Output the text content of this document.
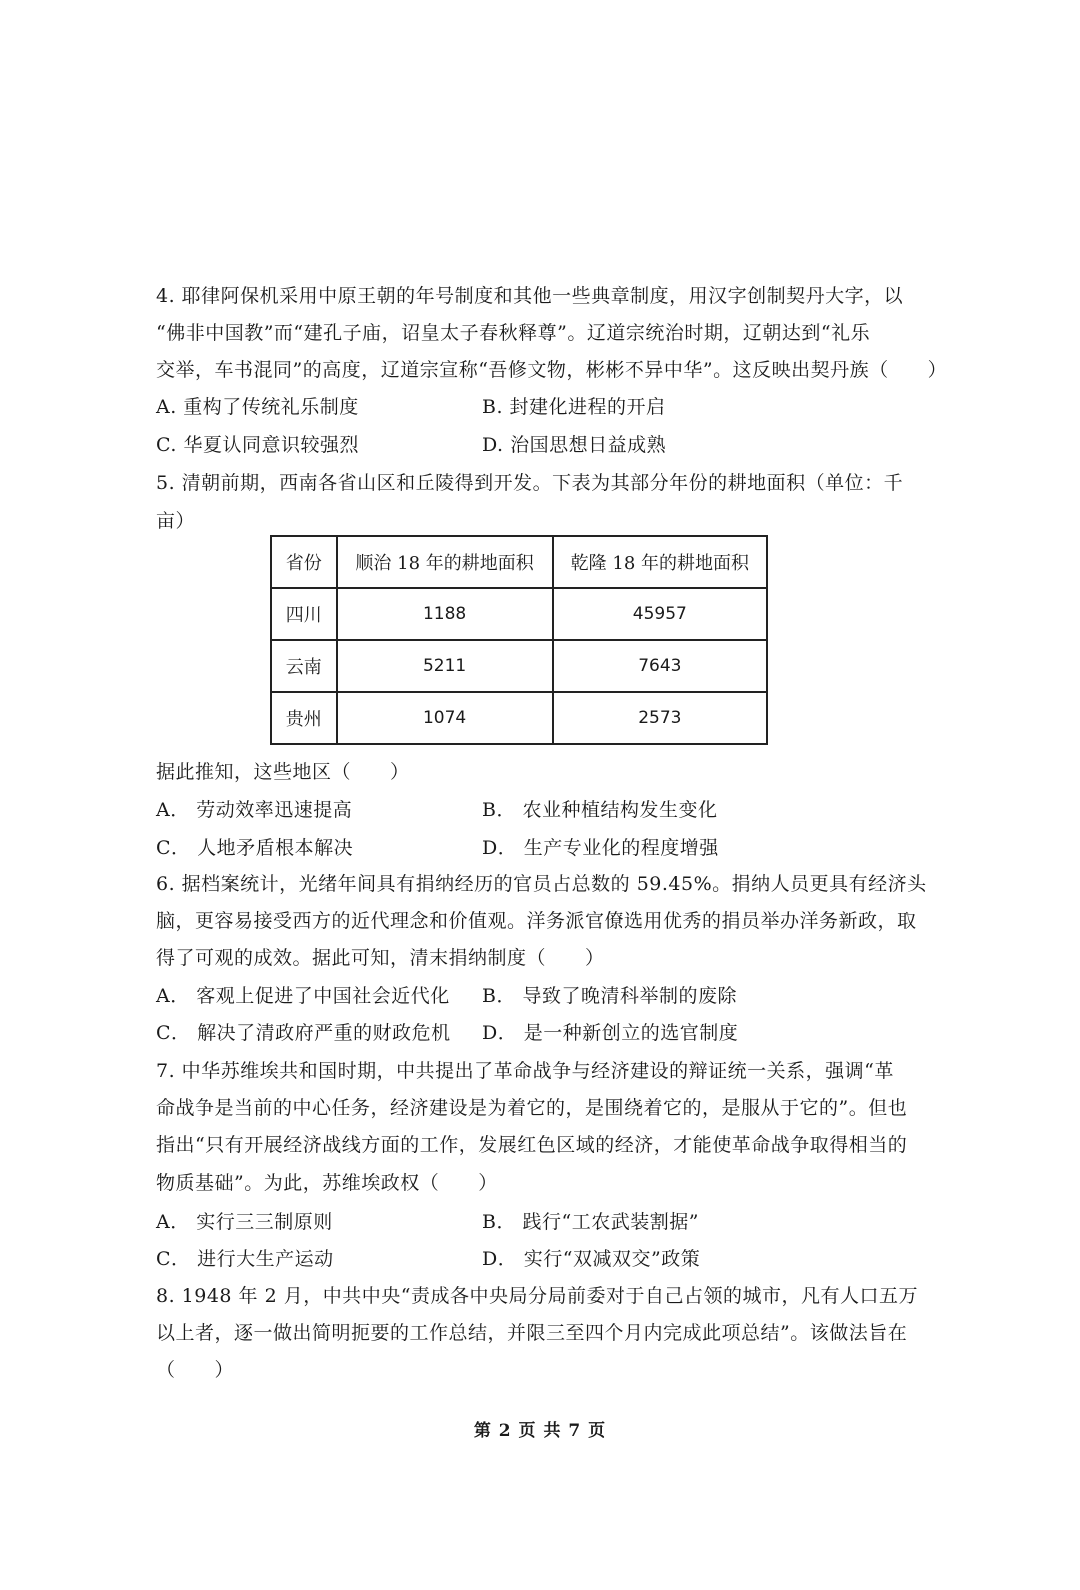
4. 耶律阿保机采用中原王朝的年号制度和其他一些典章制度，用汉字创制契丹大字，以
“佛非中国教”而“建孔子庙，诏皇太子春秋释尊”。辽道宗统治时期，辽朝达到“礼乐
交举，车书混同”的高度，辽道宗宣称“吾修文物，彬彬不异中华”。这反映出契丹族（　　）
A. 重构了传统礼乐制度	B. 封建化进程的开启
C. 华夏认同意识较强烈	D. 治国思想日益成熟
5. 清朝前期，西南各省山区和丘陵得到开发。下表为其部分年份的耕地面积（单位：千
亩）
省份	顺治 18 年的耕地面积	乾隆 18 年的耕地面积
四川	1188	45957
云南	5211	7643
贵州	1074	2573
据此推知，这些地区（　　）
A． 劳动效率迅速提高	B． 农业种植结构发生变化
C． 人地矛盾根本解决	D． 生产专业化的程度增强
6. 据档案统计，光绪年间具有捐纳经历的官员占总数的 59.45%。捐纳人员更具有经济头
脑，更容易接受西方的近代理念和价值观。洋务派官僚选用优秀的捐员举办洋务新政，取
得了可观的成效。据此可知，清末捐纳制度（　　）
A． 客观上促进了中国社会近代化 B． 导致了晚清科举制的废除
C． 解决了清政府严重的财政危机 D． 是一种新创立的选官制度
7. 中华苏维埃共和国时期，中共提出了革命战争与经济建设的辩证统一关系，强调“革
命战争是当前的中心任务，经济建设是为着它的，是围绕着它的，是服从于它的”。但也
指出“只有开展经济战线方面的工作，发展红色区域的经济，才能使革命战争取得相当的
物质基础”。为此，苏维埃政权（　　）
A． 实行三三制原则	B． 践行“工农武装割据”
C． 进行大生产运动	D． 实行“双减双交”政策
8. 1948 年 2 月，中共中央“责成各中央局分局前委对于自己占领的城市，凡有人口五万
以上者，逐一做出简明扼要的工作总结，并限三至四个月内完成此项总结”。该做法旨在
（　　）
第 2 页 共 7 页
